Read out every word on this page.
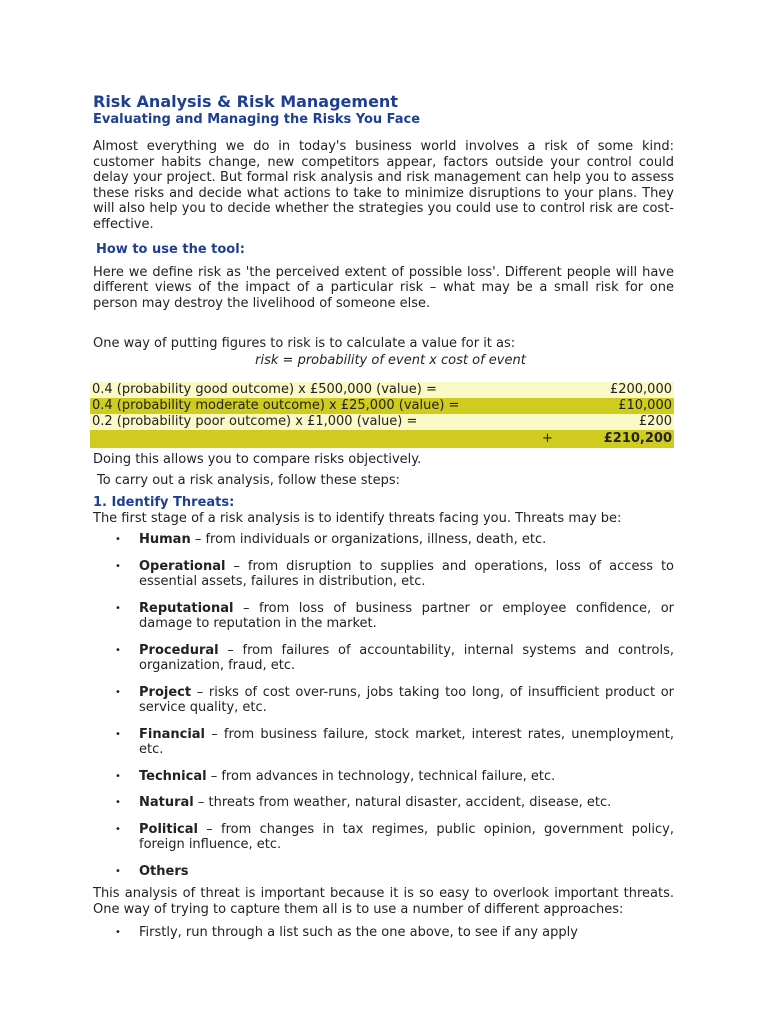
Risk Analysis & Risk Management
Evaluating and Managing the Risks You Face

Almost everything we do in today's business world involves a risk of some kind: customer habits change, new competitors appear, factors outside your control could delay your project. But formal risk analysis and risk management can help you to assess these risks and decide what actions to take to minimize disruptions to your plans. They will also help you to decide whether the strategies you could use to control risk are cost-effective.

How to use the tool:

Here we define risk as 'the perceived extent of possible loss'. Different people will have different views of the impact of a particular risk – what may be a small risk for one person may destroy the livelihood of someone else.

One way of putting figures to risk is to calculate a value for it as:

risk = probability of event x cost of event

0.4 (probability good outcome) x £500,000 (value) =	£200,000
0.4 (probability moderate outcome) x £25,000 (value) =	£10,000
0.2 (probability poor outcome) x £1,000 (value) =	£200
+	£210,200

Doing this allows you to compare risks objectively.

To carry out a risk analysis, follow these steps:

1. Identify Threats:

The first stage of a risk analysis is to identify threats facing you. Threats may be:

• Human – from individuals or organizations, illness, death, etc.
• Operational – from disruption to supplies and operations, loss of access to essential assets, failures in distribution, etc.
• Reputational – from loss of business partner or employee confidence, or damage to reputation in the market.
• Procedural – from failures of accountability, internal systems and controls, organization, fraud, etc.
• Project – risks of cost over-runs, jobs taking too long, of insufficient product or service quality, etc.
• Financial – from business failure, stock market, interest rates, unemployment, etc.
• Technical – from advances in technology, technical failure, etc.
• Natural – threats from weather, natural disaster, accident, disease, etc.
• Political – from changes in tax regimes, public opinion, government policy, foreign influence, etc.
• Others

This analysis of threat is important because it is so easy to overlook important threats. One way of trying to capture them all is to use a number of different approaches:

• Firstly, run through a list such as the one above, to see if any apply
